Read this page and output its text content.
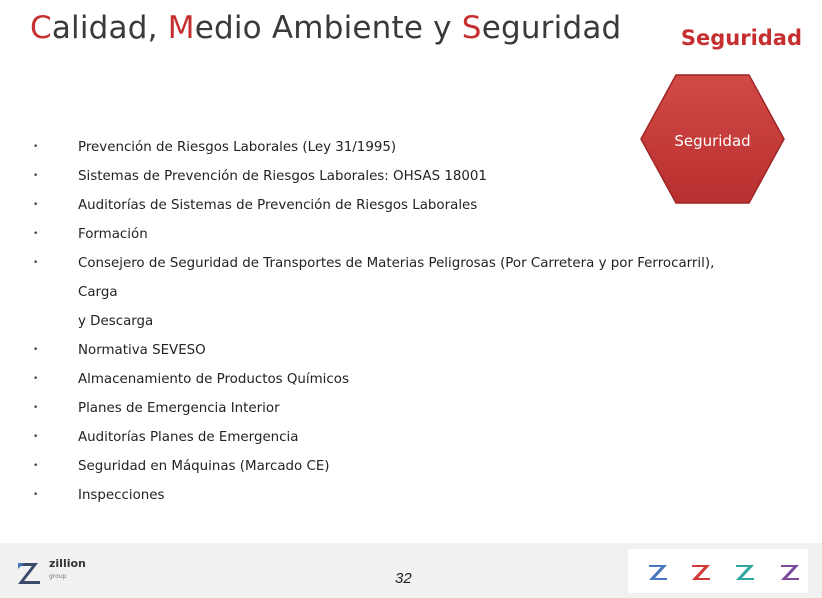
Calidad, Medio Ambiente y Seguridad	Seguridad
Seguridad
•	Prevención de Riesgos Laborales (Ley 31/1995)
•	Sistemas de Prevención de Riesgos Laborales: OHSAS 18001
•	Auditorías de Sistemas de Prevención de Riesgos Laborales
•	Formación
•	Consejero de Seguridad de Transportes de Materias Peligrosas (Por Carretera y por Ferrocarril), Carga
y Descarga
•	Normativa SEVESO
•	Almacenamiento de Productos Químicos
•	Planes de Emergencia Interior
•	Auditorías Planes de Emergencia
•	Seguridad en Máquinas (Marcado CE)
•	Inspecciones
zillion
group	32
